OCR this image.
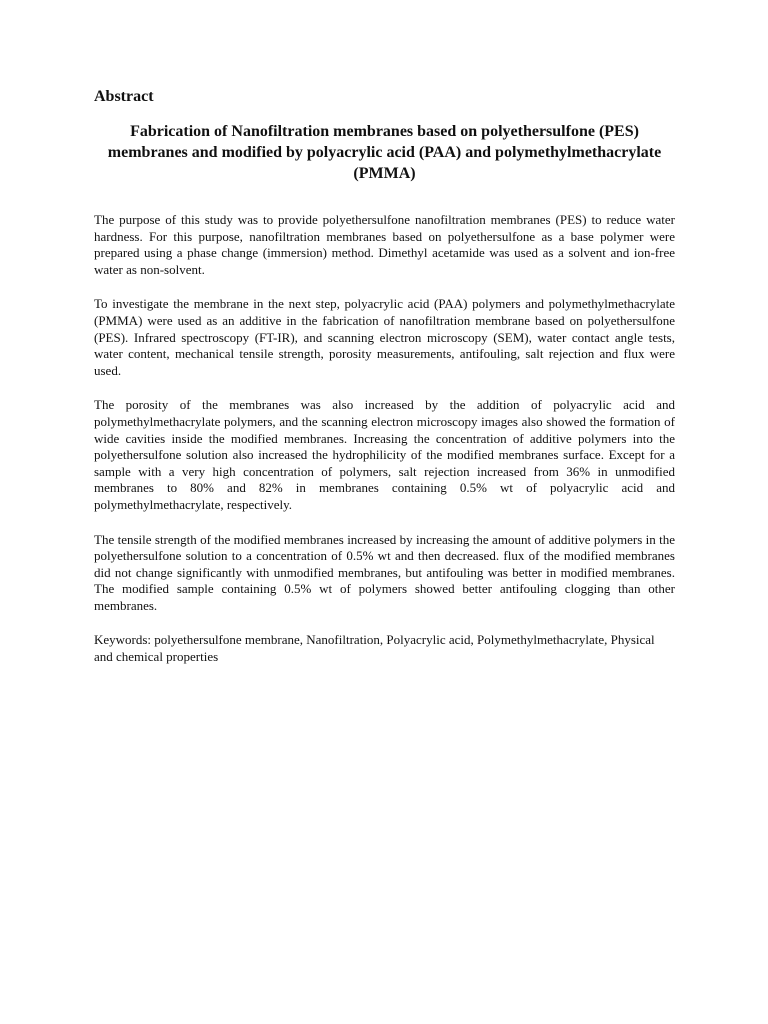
Abstract
Fabrication of Nanofiltration membranes based on polyethersulfone (PES) membranes and modified by polyacrylic acid (PAA) and polymethylmethacrylate (PMMA)

The purpose of this study was to provide polyethersulfone nanofiltration membranes (PES) to reduce water hardness. For this purpose, nanofiltration membranes based on polyethersulfone as a base polymer were prepared using a phase change (immersion) method. Dimethyl acetamide was used as a solvent and ion-free water as non-solvent.

To investigate the membrane in the next step, polyacrylic acid (PAA) polymers and polymethylmethacrylate (PMMA) were used as an additive in the fabrication of nanofiltration membrane based on polyethersulfone (PES). Infrared spectroscopy (FT-IR), and scanning electron microscopy (SEM), water contact angle tests, water content, mechanical tensile strength, porosity measurements, antifouling, salt rejection and flux were used.

The porosity of the membranes was also increased by the addition of polyacrylic acid and polymethylmethacrylate polymers, and the scanning electron microscopy images also showed the formation of wide cavities inside the modified membranes. Increasing the concentration of additive polymers into the polyethersulfone solution also increased the hydrophilicity of the modified membranes surface. Except for a sample with a very high concentration of polymers, salt rejection increased from 36% in unmodified membranes to 80% and 82% in membranes containing 0.5% wt of polyacrylic acid and polymethylmethacrylate, respectively.

The tensile strength of the modified membranes increased by increasing the amount of additive polymers in the polyethersulfone solution to a concentration of 0.5% wt and then decreased. flux of the modified membranes did not change significantly with unmodified membranes, but antifouling was better in modified membranes. The modified sample containing 0.5% wt of polymers showed better antifouling clogging than other membranes.

Keywords: polyethersulfone membrane, Nanofiltration, Polyacrylic acid, Polymethylmethacrylate, Physical and chemical properties
